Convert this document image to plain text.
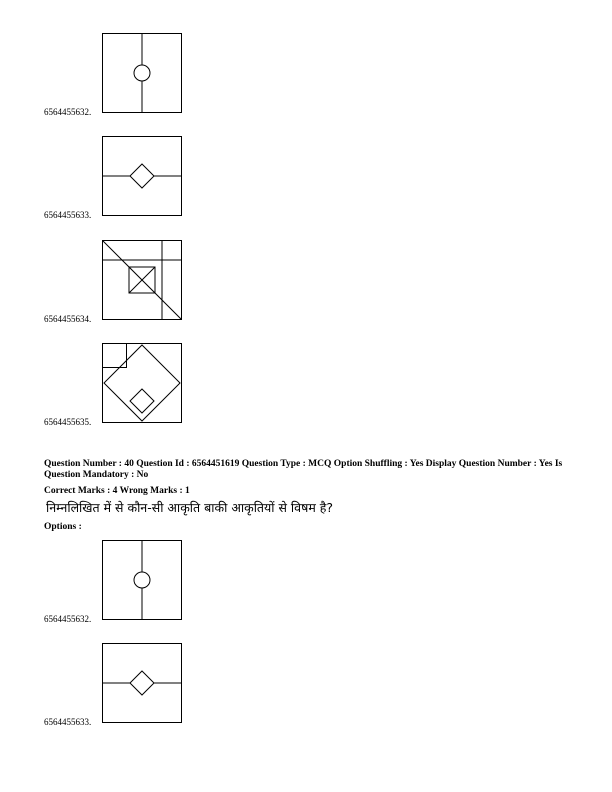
6564455632.
6564455633.
6564455634.
6564455635.
Question Number : 40 Question Id : 6564451619 Question Type : MCQ Option Shuffling : Yes Display Question Number : Yes Is Question Mandatory : No
Correct Marks : 4 Wrong Marks : 1
निम्नलिखित में से कौन-सी आकृति बाकी आकृतियों से विषम है?
Options :
6564455632.
6564455633.
